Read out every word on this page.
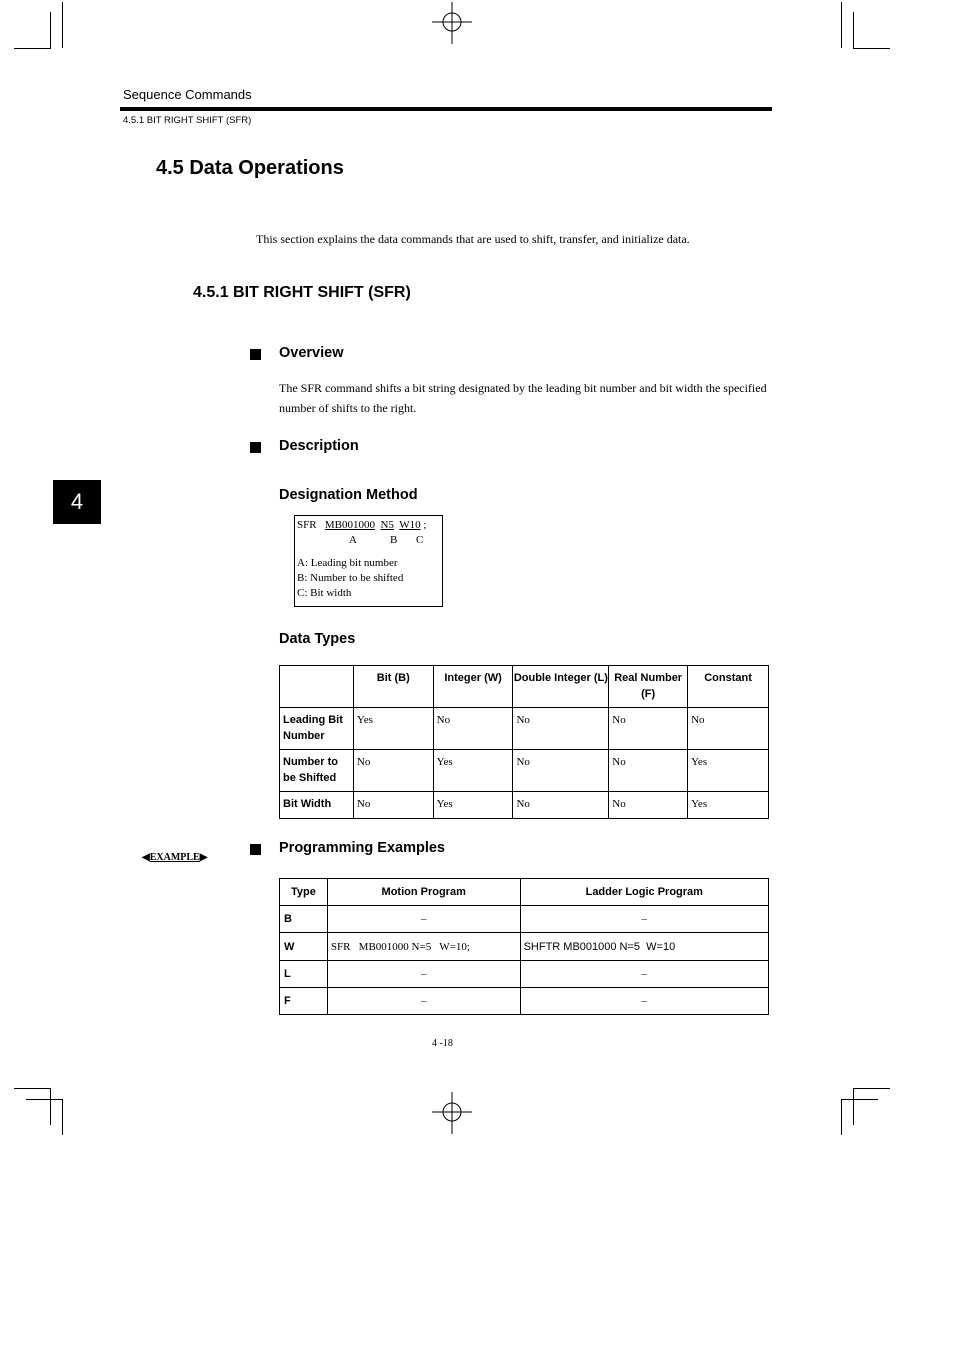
Sequence Commands
4.5.1 BIT RIGHT SHIFT (SFR)
4.5 Data Operations
This section explains the data commands that are used to shift, transfer, and initialize data.
4.5.1 BIT RIGHT SHIFT (SFR)
4
Overview
The SFR command shifts a bit string designated by the leading bit number and bit width the specified number of shifts to the right.
Description
Designation Method
SFR MB001000 N5 W10 ;
A	B C
A: Leading bit number
B: Number to be shifted
C: Bit width
Data Types
	Bit (B)	Integer (W)	Double Integer (L)	Real Number (F)	Constant
Leading Bit Number	Yes	No	No	No	No
Number to be Shifted	No	Yes	No	No	Yes
Bit Width	No	Yes	No	No	Yes
◀EXAMPLE▶
Programming Examples
Type	Motion Program	Ladder Logic Program
B	–	–
W	SFR   MB001000 N=5   W=10;	SHFTR MB001000 N=5  W=10
L	–	–
F	–	–
4 -18
